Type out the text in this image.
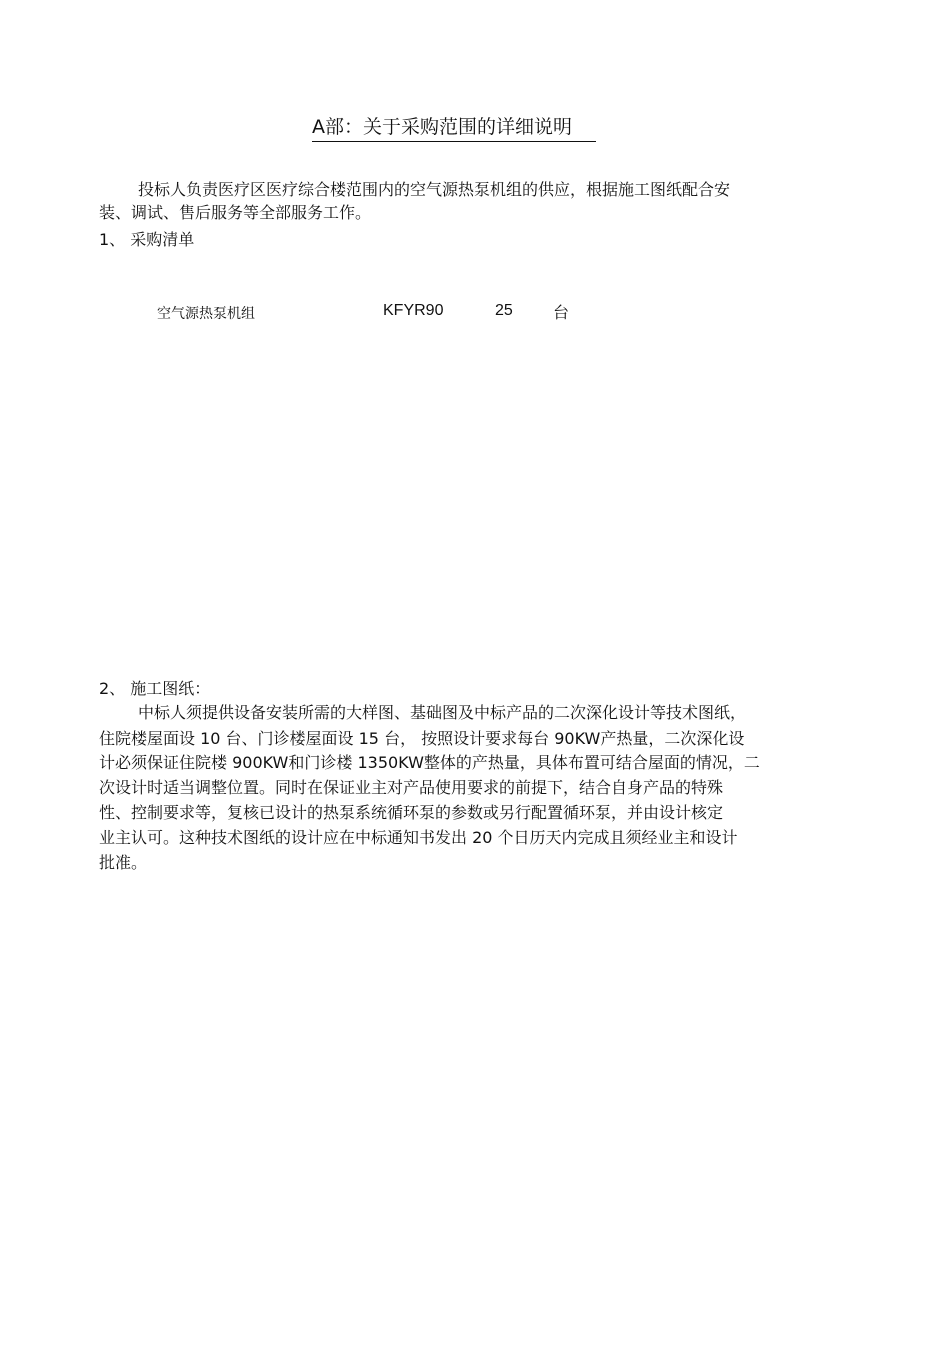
A部：关于采购范围的详细说明
投标人负责医疗区医疗综合楼范围内的空气源热泵机组的供应，根据施工图纸配合安
装、调试、售后服务等全部服务工作。
1、 采购清单
空气源热泵机组	KFYR90	25	台
2、 施工图纸：
中标人须提供设备安装所需的大样图、基础图及中标产品的二次深化设计等技术图纸，
住院楼屋面设 10 台、门诊楼屋面设 15 台， 按照设计要求每台 90KW产热量，二次深化设
计必须保证住院楼 900KW和门诊楼 1350KW整体的产热量，具体布置可结合屋面的情况，二
次设计时适当调整位置。同时在保证业主对产品使用要求的前提下，结合自身产品的特殊
性、控制要求等，复核已设计的热泵系统循环泵的参数或另行配置循环泵，并由设计核定
业主认可。这种技术图纸的设计应在中标通知书发出 20 个日历天内完成且须经业主和设计
批准。
